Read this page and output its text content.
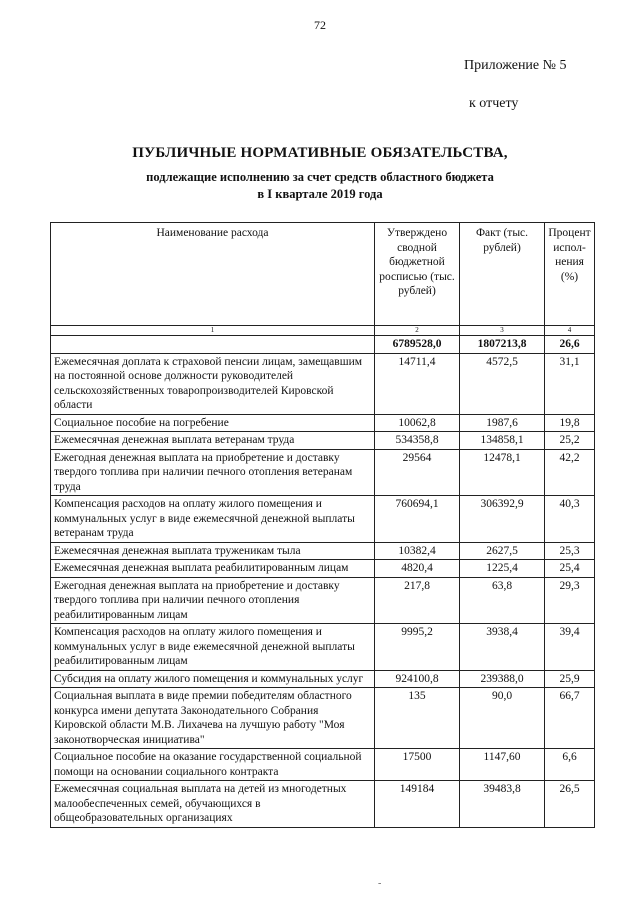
72
Приложение № 5
к отчету
ПУБЛИЧНЫЕ НОРМАТИВНЫЕ ОБЯЗАТЕЛЬСТВА,
подлежащие исполнению за счет средств областного бюджета
в I квартале 2019 года
Наименование расхода	Утверждено сводной бюджетной росписью (тыс. рублей)	Факт (тыс. рублей)	Процент испол-нения (%)
1	2	3	4
	6789528,0	1807213,8	26,6
Ежемесячная доплата к страховой пенсии лицам, замещавшим на постоянной основе должности руководителей сельскохозяйственных товаропроизводителей Кировской области	14711,4	4572,5	31,1
Социальное пособие на погребение	10062,8	1987,6	19,8
Ежемесячная денежная выплата ветеранам труда	534358,8	134858,1	25,2
Ежегодная денежная выплата на приобретение и доставку твердого топлива при наличии печного отопления ветеранам труда	29564	12478,1	42,2
Компенсация расходов на оплату жилого помещения и коммунальных услуг в виде ежемесячной денежной выплаты ветеранам труда	760694,1	306392,9	40,3
Ежемесячная денежная выплата труженикам тыла	10382,4	2627,5	25,3
Ежемесячная денежная выплата реабилитированным лицам	4820,4	1225,4	25,4
Ежегодная денежная выплата на приобретение и доставку твердого топлива при наличии печного отопления реабилитированным лицам	217,8	63,8	29,3
Компенсация расходов на оплату жилого помещения и коммунальных услуг в виде ежемесячной денежной выплаты реабилитированным лицам	9995,2	3938,4	39,4
Субсидия на оплату жилого помещения и коммунальных услуг	924100,8	239388,0	25,9
Социальная выплата в виде премии победителям областного конкурса имени депутата Законодательного Собрания Кировской области М.В. Лихачева на лучшую работу "Моя законотворческая инициатива"	135	90,0	66,7
Социальное пособие на оказание государственной социальной помощи на основании социального контракта	17500	1147,60	6,6
Ежемесячная социальная выплата на детей из многодетных малообеспеченных семей, обучающихся в общеобразовательных организациях	149184	39483,8	26,5
-
